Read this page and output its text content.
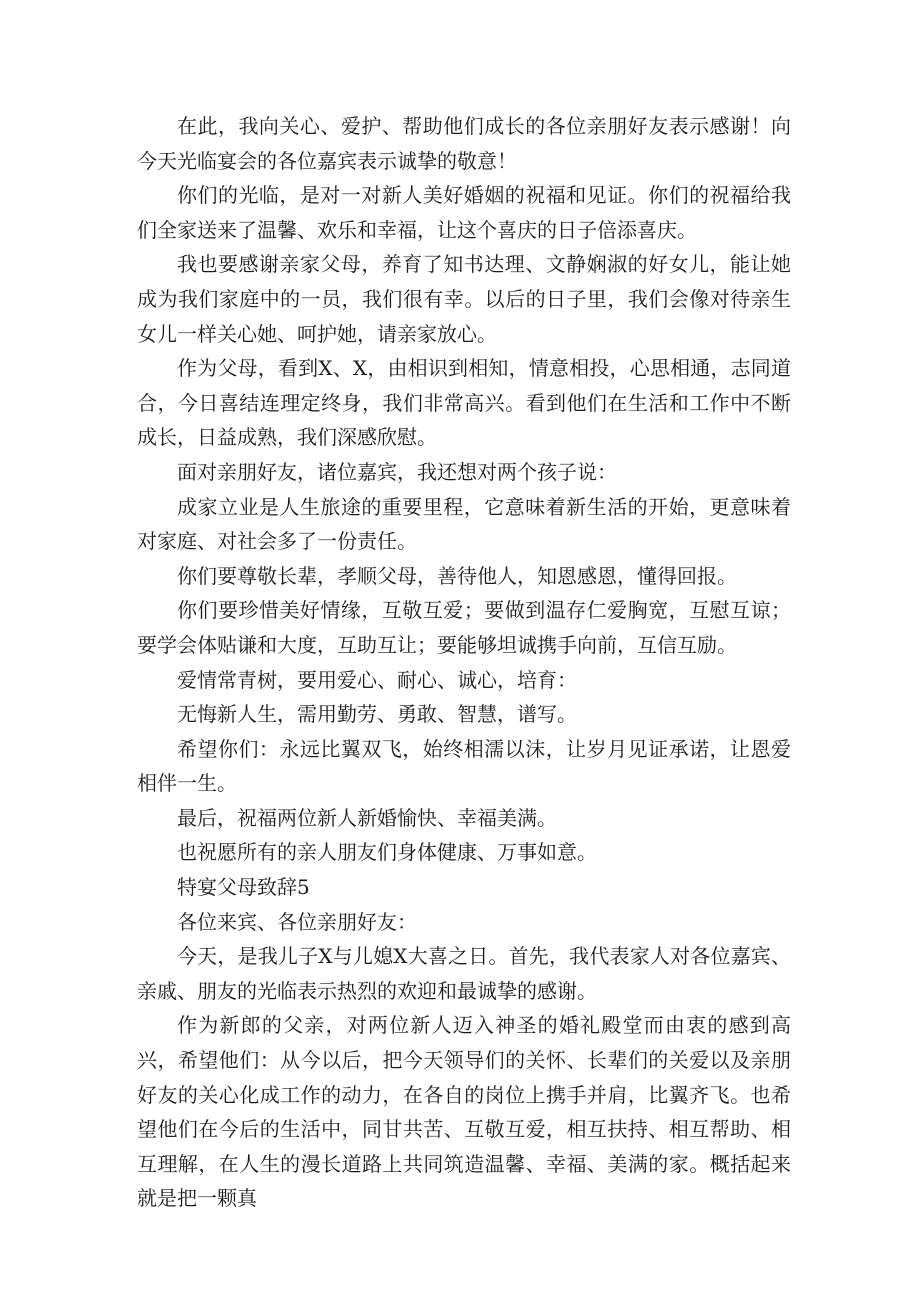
在此，我向关心、爱护、帮助他们成长的各位亲朋好友表示感谢！向今天光临宴会的各位嘉宾表示诚挚的敬意！

你们的光临，是对一对新人美好婚姻的祝福和见证。你们的祝福给我们全家送来了温馨、欢乐和幸福，让这个喜庆的日子倍添喜庆。

我也要感谢亲家父母，养育了知书达理、文静娴淑的好女儿，能让她成为我们家庭中的一员，我们很有幸。以后的日子里，我们会像对待亲生女儿一样关心她、呵护她，请亲家放心。

作为父母，看到X、X，由相识到相知，情意相投，心思相通，志同道合，今日喜结连理定终身，我们非常高兴。看到他们在生活和工作中不断成长，日益成熟，我们深感欣慰。

面对亲朋好友，诸位嘉宾，我还想对两个孩子说：

成家立业是人生旅途的重要里程，它意味着新生活的开始，更意味着对家庭、对社会多了一份责任。

你们要尊敬长辈，孝顺父母，善待他人，知恩感恩，懂得回报。

你们要珍惜美好情缘，互敬互爱；要做到温存仁爱胸宽，互慰互谅；要学会体贴谦和大度，互助互让；要能够坦诚携手向前，互信互励。

爱情常青树，要用爱心、耐心、诚心，培育：

无悔新人生，需用勤劳、勇敢、智慧，谱写。

希望你们：永远比翼双飞，始终相濡以沫，让岁月见证承诺，让恩爱相伴一生。

最后，祝福两位新人新婚愉快、幸福美满。

也祝愿所有的亲人朋友们身体健康、万事如意。

特宴父母致辞5

各位来宾、各位亲朋好友：

今天，是我儿子X与儿媳X大喜之日。首先，我代表家人对各位嘉宾、亲戚、朋友的光临表示热烈的欢迎和最诚挚的感谢。

作为新郎的父亲，对两位新人迈入神圣的婚礼殿堂而由衷的感到高兴，希望他们：从今以后，把今天领导们的关怀、长辈们的关爱以及亲朋好友的关心化成工作的动力，在各自的岗位上携手并肩，比翼齐飞。也希望他们在今后的生活中，同甘共苦、互敬互爱，相互扶持、相互帮助、相互理解，在人生的漫长道路上共同筑造温馨、幸福、美满的家。概括起来就是把一颗真
